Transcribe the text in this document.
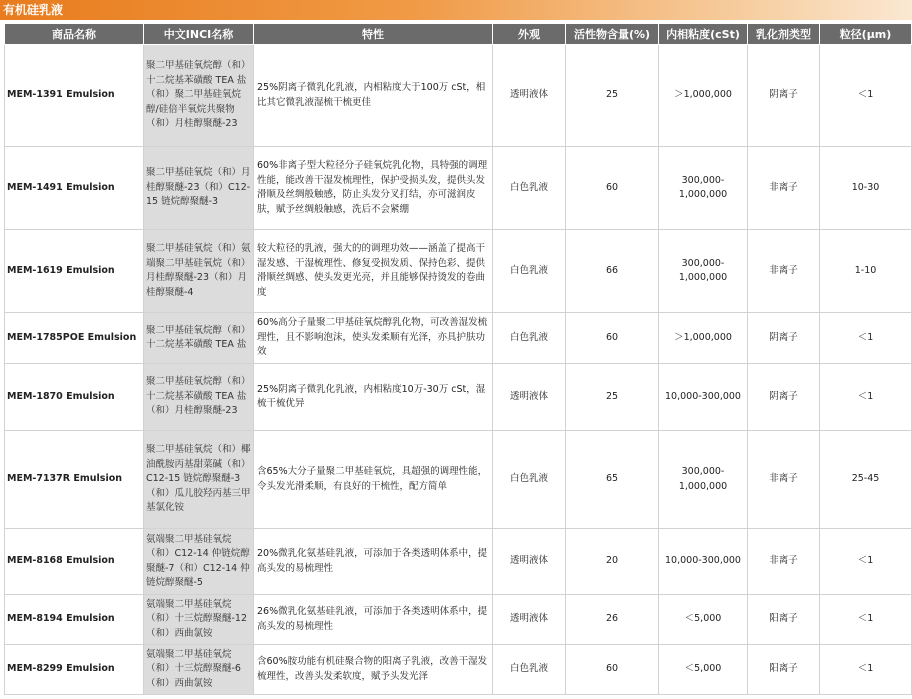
有机硅乳液
商品名称	中文INCI名称	特性	外观	活性物含量(%)	内相粘度(cSt)	乳化剂类型	粒径(μm)
MEM-1391 Emulsion	聚二甲基硅氧烷醇（和）十二烷基苯磺酸 TEA 盐（和）聚二甲基硅氧烷醇/硅倍半氧烷共聚物（和）月桂醇聚醚-23	25%阴离子微乳化乳液，内相粘度大于100万 cSt，相比其它微乳液湿梳干梳更佳	透明液体	25	＞1,000,000	阴离子	＜1
MEM-1491 Emulsion	聚二甲基硅氧烷（和）月桂醇聚醚-23（和）C12-15 链烷醇聚醚-3	60%非离子型大粒径分子硅氧烷乳化物，具特强的调理性能，能改善干湿发梳理性，保护受损头发，提供头发滑顺及丝绸般触感，防止头发分叉打结，亦可滋润皮肤，赋予丝绸般触感，洗后不会紧绷	白色乳液	60	300,000-1,000,000	非离子	10-30
MEM-1619 Emulsion	聚二甲基硅氧烷（和）氨端聚二甲基硅氧烷（和）月桂醇聚醚-23（和）月桂醇聚醚-4	较大粒径的乳液，强大的的调理功效——涵盖了提高干湿发感、干湿梳理性、修复受损发质、保持色彩、提供滑顺丝绸感、使头发更光亮，并且能够保持烫发的卷曲度	白色乳液	66	300,000-1,000,000	非离子	1-10
MEM-1785POE Emulsion	聚二甲基硅氧烷醇（和）十二烷基苯磺酸 TEA 盐	60%高分子量聚二甲基硅氧烷醇乳化物，可改善湿发梳理性，且不影响泡沫，使头发柔顺有光泽，亦具护肤功效	白色乳液	60	＞1,000,000	阴离子	＜1
MEM-1870 Emulsion	聚二甲基硅氧烷醇（和）十二烷基苯磺酸 TEA 盐（和）月桂醇聚醚-23	25%阴离子微乳化乳液，内相粘度10万-30万 cSt，湿梳干梳优异	透明液体	25	10,000-300,000	阴离子	＜1
MEM-7137R Emulsion	聚二甲基硅氧烷（和）椰油酰胺丙基甜菜碱（和）C12-15 链烷醇聚醚-3（和）瓜儿胶羟丙基三甲基氯化铵	含65%大分子量聚二甲基硅氧烷，具超强的调理性能，令头发光滑柔顺，有良好的干梳性，配方简单	白色乳液	65	300,000-1,000,000	非离子	25-45
MEM-8168 Emulsion	氨端聚二甲基硅氧烷（和）C12-14 仲链烷醇聚醚-7（和）C12-14 仲链烷醇聚醚-5	20%微乳化氨基硅乳液，可添加于各类透明体系中，提高头发的易梳理性	透明液体	20	10,000-300,000	非离子	＜1
MEM-8194 Emulsion	氨端聚二甲基硅氧烷（和）十三烷醇聚醚-12（和）西曲氯铵	26%微乳化氨基硅乳液，可添加于各类透明体系中，提高头发的易梳理性	透明液体	26	＜5,000	阳离子	＜1
MEM-8299 Emulsion	氨端聚二甲基硅氧烷（和）十三烷醇聚醚-6（和）西曲氯铵	含60%胺功能有机硅聚合物的阳离子乳液，改善干湿发梳理性，改善头发柔软度，赋予头发光泽	白色乳液	60	＜5,000	阳离子	＜1
